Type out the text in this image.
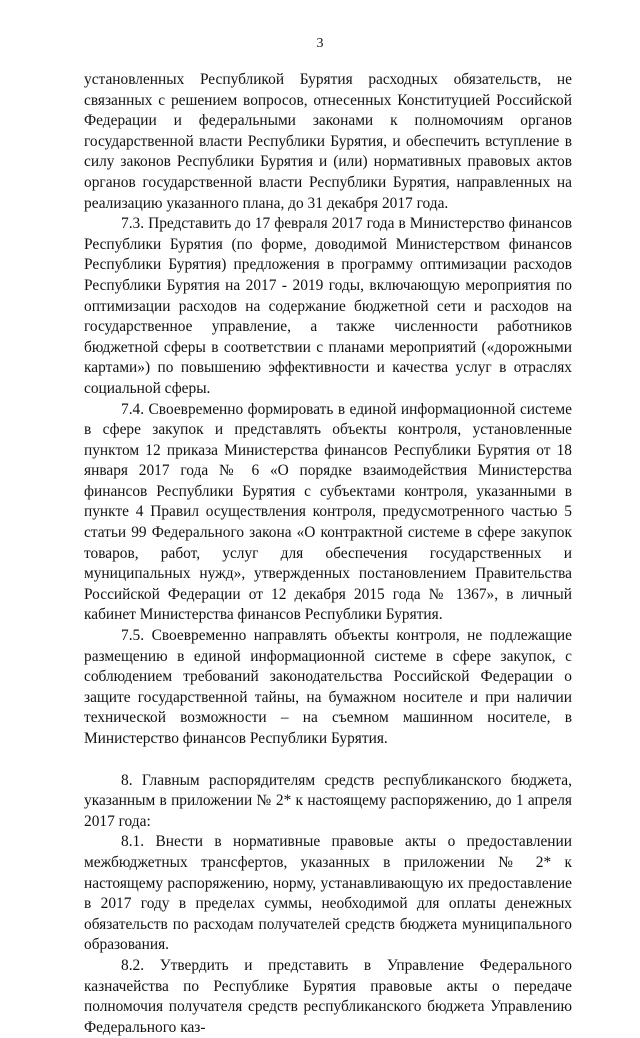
3

установленных Республикой Бурятия расходных обязательств, не связанных с решением вопросов, отнесенных Конституцией Российской Федерации и федеральными законами к полномочиям органов государственной власти Республики Бурятия, и обеспечить вступление в силу законов Республики Бурятия и (или) нормативных правовых актов органов государственной власти Республики Бурятия, направленных на реализацию указанного плана, до 31 декабря 2017 года.

7.3. Представить до 17 февраля 2017 года в Министерство финансов Республики Бурятия (по форме, доводимой Министерством финансов Республики Бурятия) предложения в программу оптимизации расходов Республики Бурятия на 2017 - 2019 годы, включающую мероприятия по оптимизации расходов на содержание бюджетной сети и расходов на государственное управление, а также численности работников бюджетной сферы в соответствии с планами мероприятий («дорожными картами») по повышению эффективности и качества услуг в отраслях социальной сферы.

7.4. Своевременно формировать в единой информационной системе в сфере закупок и представлять объекты контроля, установленные пунктом 12 приказа Министерства финансов Республики Бурятия от 18 января 2017 года № 6 «О порядке взаимодействия Министерства финансов Республики Бурятия с субъектами контроля, указанными в пункте 4 Правил осуществления контроля, предусмотренного частью 5 статьи 99 Федерального закона «О контрактной системе в сфере закупок товаров, работ, услуг для обеспечения государственных и муниципальных нужд», утвержденных постановлением Правительства Российской Федерации от 12 декабря 2015 года № 1367», в личный кабинет Министерства финансов Республики Бурятия.

7.5. Своевременно направлять объекты контроля, не подлежащие размещению в единой информационной системе в сфере закупок, с соблюдением требований законодательства Российской Федерации о защите государственной тайны, на бумажном носителе и при наличии технической возможности – на съемном машинном носителе, в Министерство финансов Республики Бурятия.

8. Главным распорядителям средств республиканского бюджета, указанным в приложении № 2* к настоящему распоряжению, до 1 апреля 2017 года:

8.1. Внести в нормативные правовые акты о предоставлении межбюджетных трансфертов, указанных в приложении № 2* к настоящему распоряжению, норму, устанавливающую их предоставление в 2017 году в пределах суммы, необходимой для оплаты денежных обязательств по расходам получателей средств бюджета муниципального образования.

8.2. Утвердить и представить в Управление Федерального казначейства по Республике Бурятия правовые акты о передаче полномочия получателя средств республиканского бюджета Управлению Федерального каз-
